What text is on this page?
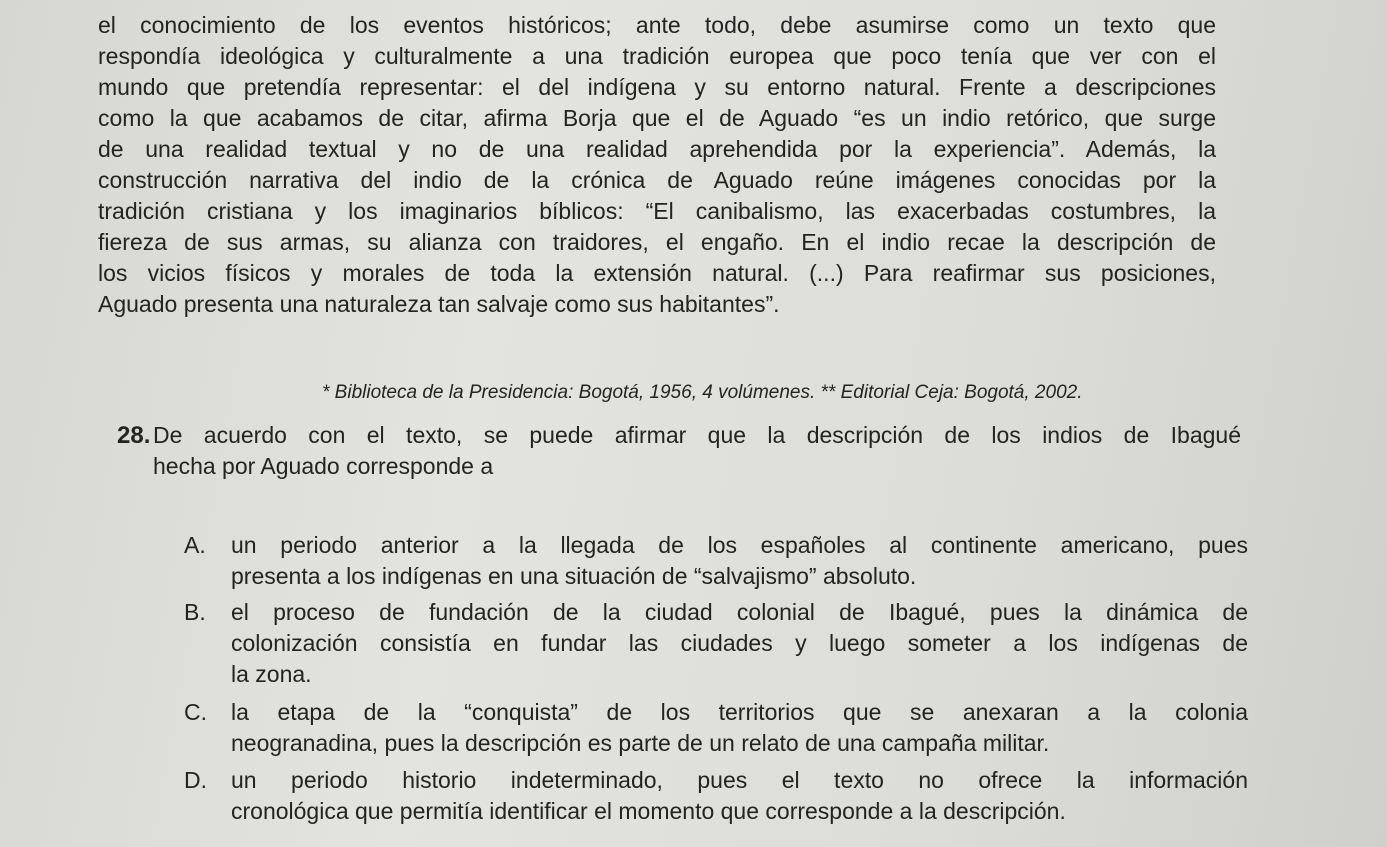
el conocimiento de los eventos históricos; ante todo, debe asumirse como un texto que
respondía ideológica y culturalmente a una tradición europea que poco tenía que ver con el
mundo que pretendía representar: el del indígena y su entorno natural. Frente a descripciones
como la que acabamos de citar, afirma Borja que el de Aguado “es un indio retórico, que surge
de una realidad textual y no de una realidad aprehendida por la experiencia”. Además, la
construcción narrativa del indio de la crónica de Aguado reúne imágenes conocidas por la
tradición cristiana y los imaginarios bíblicos: “El canibalismo, las exacerbadas costumbres, la
fiereza de sus armas, su alianza con traidores, el engaño. En el indio recae la descripción de
los vicios físicos y morales de toda la extensión natural. (...) Para reafirmar sus posiciones,
Aguado presenta una naturaleza tan salvaje como sus habitantes”.

* Biblioteca de la Presidencia: Bogotá, 1956, 4 volúmenes. ** Editorial Ceja: Bogotá, 2002.

28. De acuerdo con el texto, se puede afirmar que la descripción de los indios de Ibagué
hecha por Aguado corresponde a
A. un periodo anterior a la llegada de los españoles al continente americano, pues
presenta a los indígenas en una situación de “salvajismo” absoluto.
B. el proceso de fundación de la ciudad colonial de Ibagué, pues la dinámica de
colonización consistía en fundar las ciudades y luego someter a los indígenas de
la zona.
C. la etapa de la “conquista” de los territorios que se anexaran a la colonia
neogranadina, pues la descripción es parte de un relato de una campaña militar.
D. un periodo historio indeterminado, pues el texto no ofrece la información
cronológica que permitía identificar el momento que corresponde a la descripción.
